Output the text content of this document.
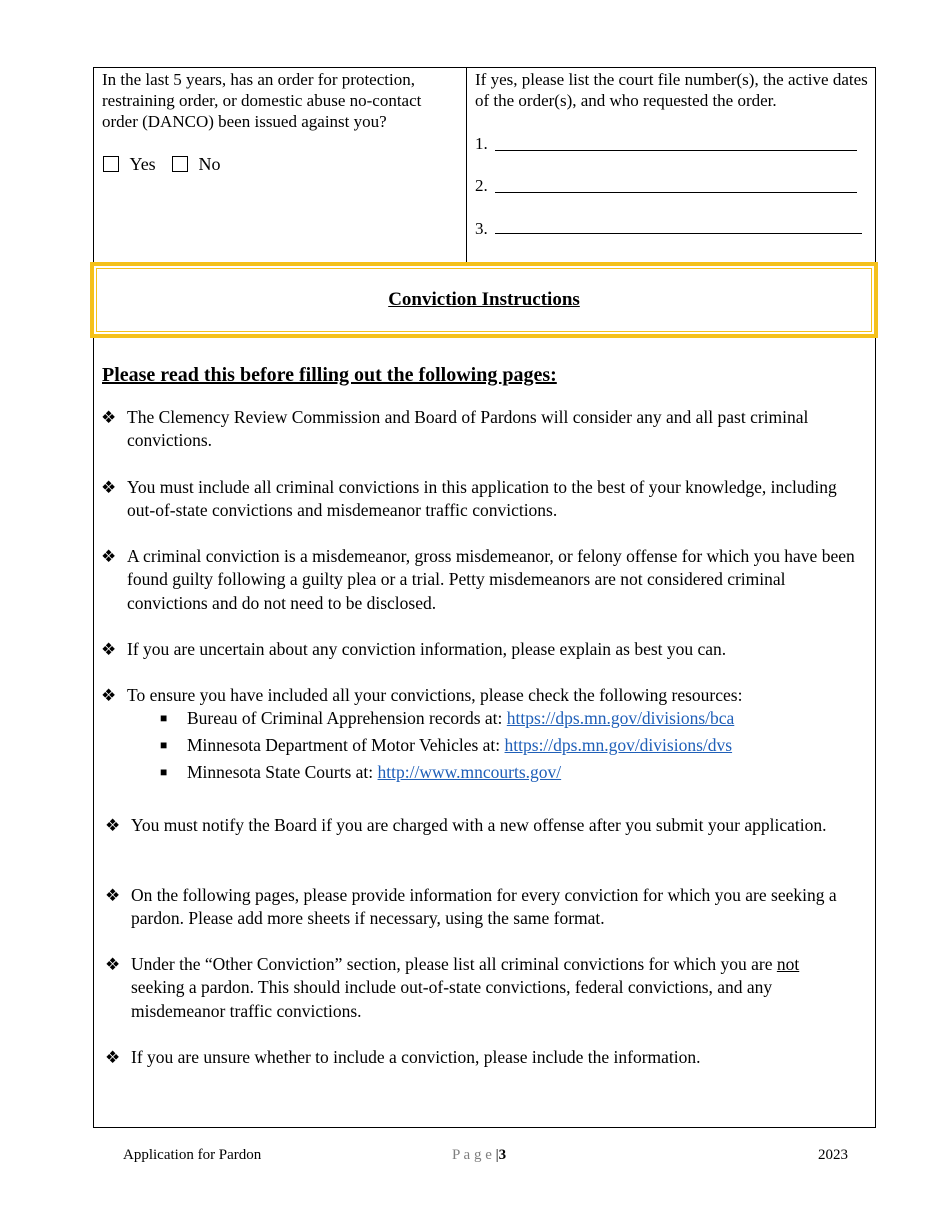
In the last 5 years, has an order for protection, restraining order, or domestic abuse no-contact order (DANCO) been issued against you?
Yes	No
If yes, please list the court file number(s), the active dates of the order(s), and who requested the order.
1.
2.
3.
Conviction Instructions
Please read this before filling out the following pages:
❖ The Clemency Review Commission and Board of Pardons will consider any and all past criminal convictions.
❖ You must include all criminal convictions in this application to the best of your knowledge, including out-of-state convictions and misdemeanor traffic convictions.
❖ A criminal conviction is a misdemeanor, gross misdemeanor, or felony offense for which you have been found guilty following a guilty plea or a trial. Petty misdemeanors are not considered criminal convictions and do not need to be disclosed.
❖ If you are uncertain about any conviction information, please explain as best you can.
❖ To ensure you have included all your convictions, please check the following resources:
■ Bureau of Criminal Apprehension records at: https://dps.mn.gov/divisions/bca
■ Minnesota Department of Motor Vehicles at: https://dps.mn.gov/divisions/dvs
■ Minnesota State Courts at: http://www.mncourts.gov/
❖ You must notify the Board if you are charged with a new offense after you submit your application.
❖ On the following pages, please provide information for every conviction for which you are seeking a pardon. Please add more sheets if necessary, using the same format.
❖ Under the “Other Conviction” section, please list all criminal convictions for which you are not seeking a pardon. This should include out-of-state convictions, federal convictions, and any misdemeanor traffic convictions.
❖ If you are unsure whether to include a conviction, please include the information.
Application for Pardon	P a g e |3	2023
